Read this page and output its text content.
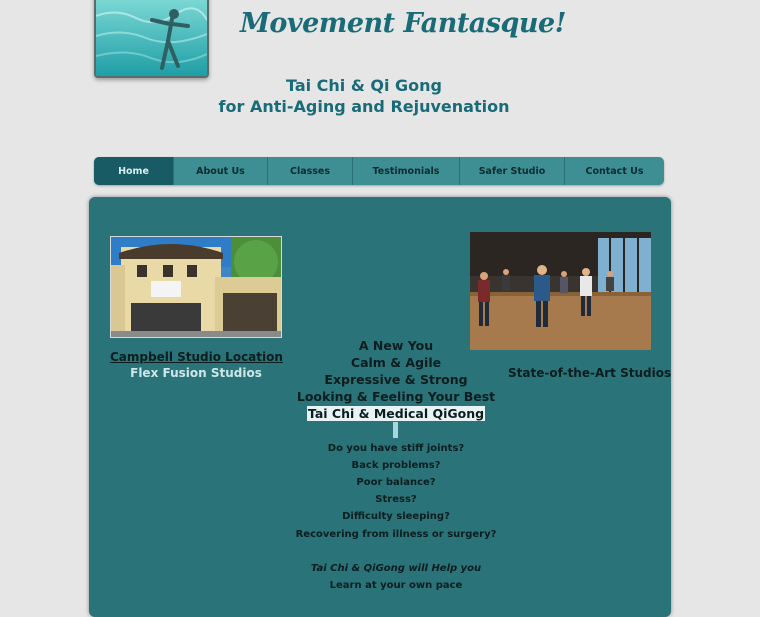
Movement Fantasque!
Tai Chi & Qi Gong
for Anti-Aging and Rejuvenation
Home	About Us	Classes	Testimonials	Safer Studio	Contact Us
Campbell Studio Location
Flex Fusion Studios	State-of-the-Art Studios
A New You
Calm & Agile
Expressive & Strong
Looking & Feeling Your Best
Tai Chi & Medical QiGong
Do you have stiff joints?
Back problems?
Poor balance?
Stress?
Difficulty sleeping?
Recovering from illness or surgery?
Tai Chi & QiGong will Help you
Learn at your own pace
